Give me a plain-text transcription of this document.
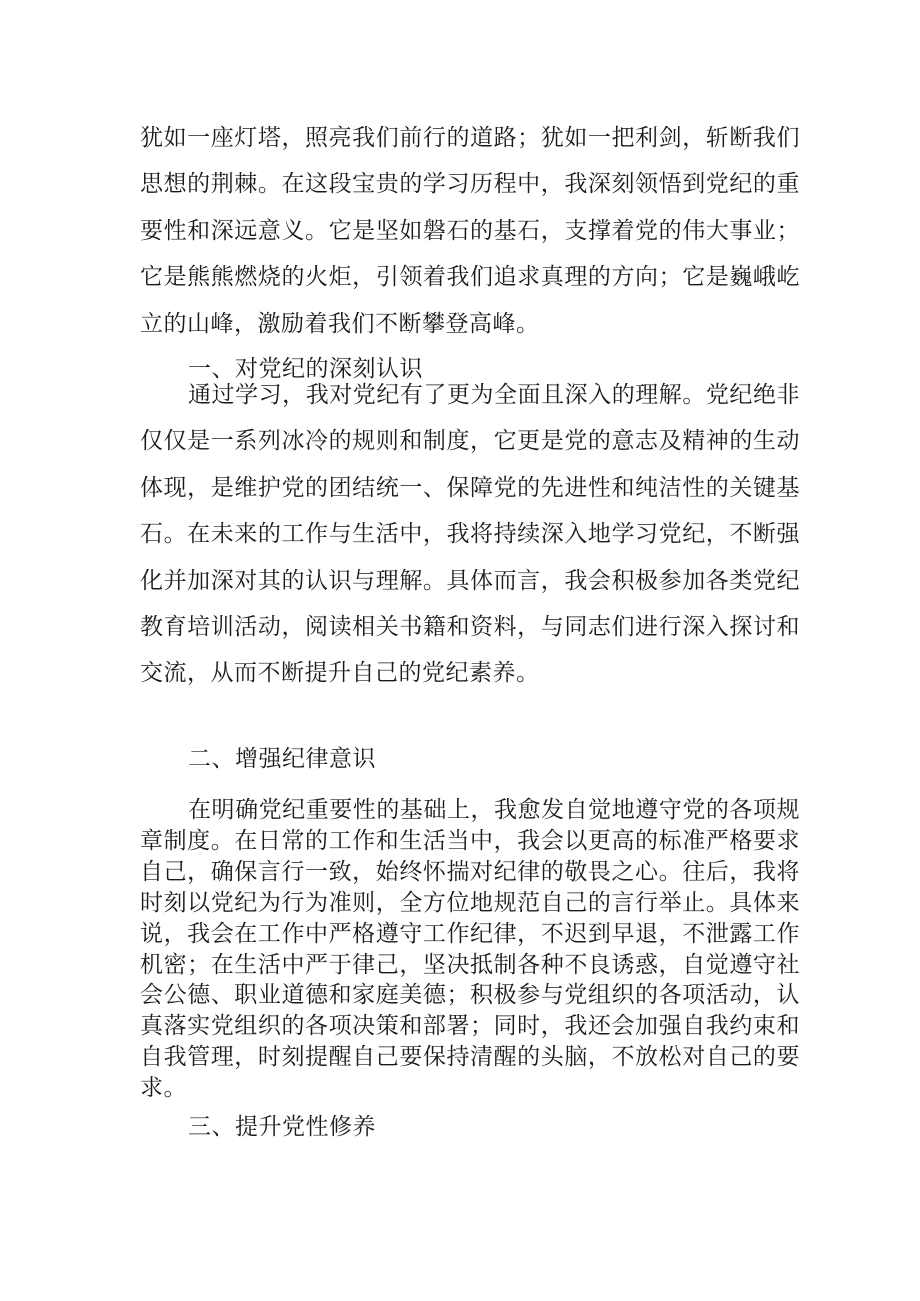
犹如一座灯塔，照亮我们前行的道路；犹如一把利剑，斩断我们思想的荆棘。在这段宝贵的学习历程中，我深刻领悟到党纪的重要性和深远意义。它是坚如磐石的基石，支撑着党的伟大事业；它是熊熊燃烧的火炬，引领着我们追求真理的方向；它是巍峨屹立的山峰，激励着我们不断攀登高峰。

一、对党纪的深刻认识

通过学习，我对党纪有了更为全面且深入的理解。党纪绝非仅仅是一系列冰冷的规则和制度，它更是党的意志及精神的生动体现，是维护党的团结统一、保障党的先进性和纯洁性的关键基石。在未来的工作与生活中，我将持续深入地学习党纪，不断强化并加深对其的认识与理解。具体而言，我会积极参加各类党纪教育培训活动，阅读相关书籍和资料，与同志们进行深入探讨和交流，从而不断提升自己的党纪素养。

二、增强纪律意识

在明确党纪重要性的基础上，我愈发自觉地遵守党的各项规章制度。在日常的工作和生活当中，我会以更高的标准严格要求自己，确保言行一致，始终怀揣对纪律的敬畏之心。往后，我将时刻以党纪为行为准则，全方位地规范自己的言行举止。具体来说，我会在工作中严格遵守工作纪律，不迟到早退，不泄露工作机密；在生活中严于律己，坚决抵制各种不良诱惑，自觉遵守社会公德、职业道德和家庭美德；积极参与党组织的各项活动，认真落实党组织的各项决策和部署；同时，我还会加强自我约束和自我管理，时刻提醒自己要保持清醒的头脑，不放松对自己的要求。

三、提升党性修养
